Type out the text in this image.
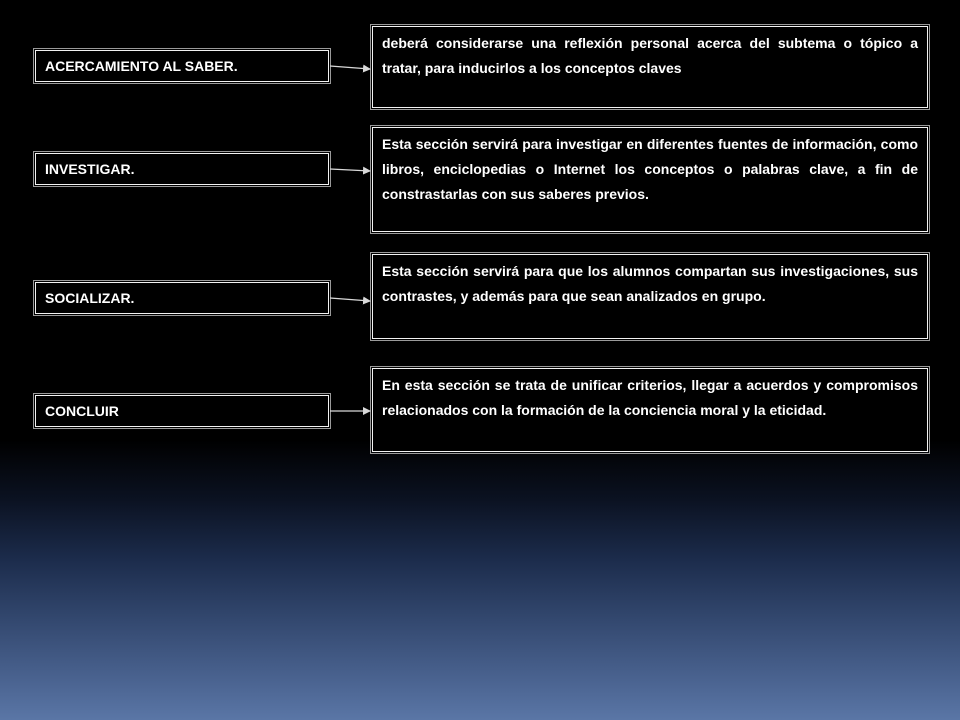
ACERCAMIENTO AL SABER.
deberá considerarse una reflexión personal acerca del subtema o tópico a tratar, para inducirlos a los conceptos claves
INVESTIGAR.
Esta sección servirá para investigar en diferentes fuentes de información, como libros, enciclopedias o Internet los conceptos o palabras clave, a fin de constrastarlas con sus saberes previos.
SOCIALIZAR.
Esta sección servirá para que los alumnos compartan sus investigaciones, sus contrastes, y además para que sean analizados en grupo.
CONCLUIR
En esta sección se trata de unificar criterios, llegar a acuerdos y compromisos relacionados con la formación de la conciencia moral y la eticidad.
